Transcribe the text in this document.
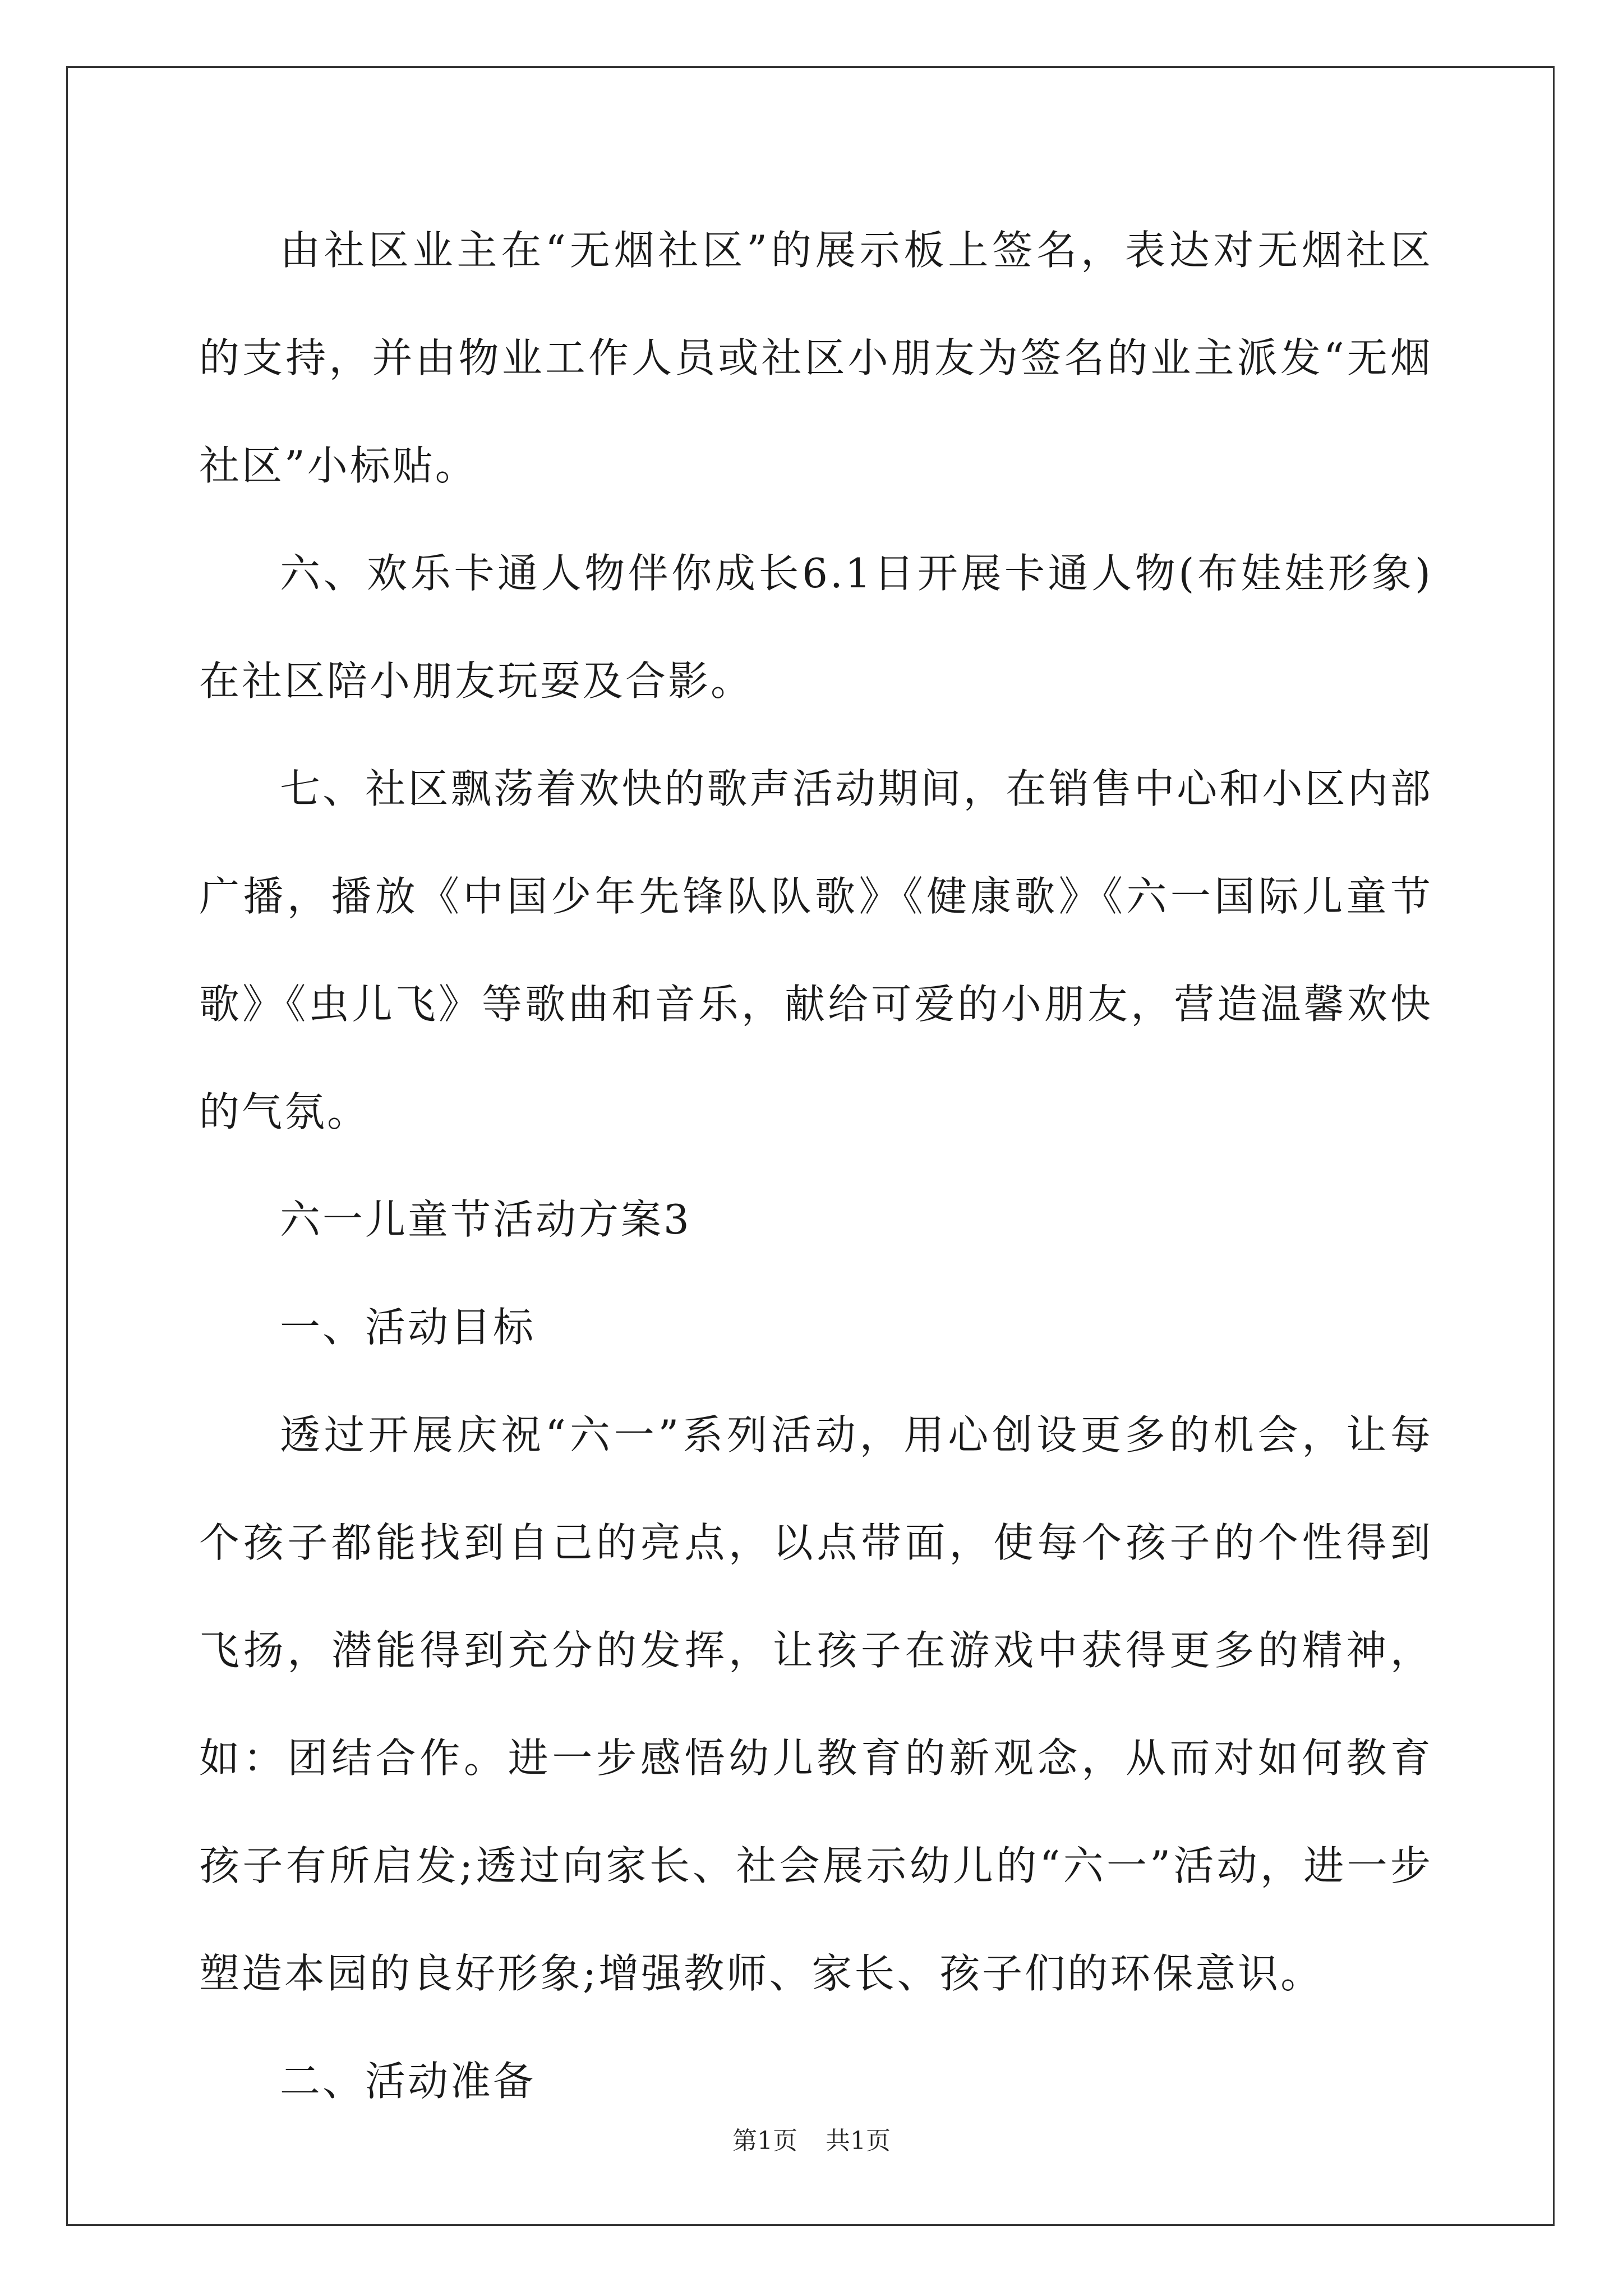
由社区业主在“无烟社区”的展示板上签名，表达对无烟社区的支持，并由物业工作人员或社区小朋友为签名的业主派发“无烟社区”小标贴。

六、欢乐卡通人物伴你成长6.1日开展卡通人物(布娃娃形象)在社区陪小朋友玩耍及合影。

七、社区飘荡着欢快的歌声活动期间，在销售中心和小区内部广播，播放《中国少年先锋队队歌》《健康歌》《六一国际儿童节歌》《虫儿飞》等歌曲和音乐，献给可爱的小朋友，营造温馨欢快的气氛。

六一儿童节活动方案3

一、活动目标

透过开展庆祝“六一”系列活动，用心创设更多的机会，让每个孩子都能找到自己的亮点，以点带面，使每个孩子的个性得到飞扬，潜能得到充分的发挥，让孩子在游戏中获得更多的精神，如：团结合作。进一步感悟幼儿教育的新观念，从而对如何教育孩子有所启发;透过向家长、社会展示幼儿的“六一”活动，进一步塑造本园的良好形象;增强教师、家长、孩子们的环保意识。

二、活动准备

第1页 共1页
